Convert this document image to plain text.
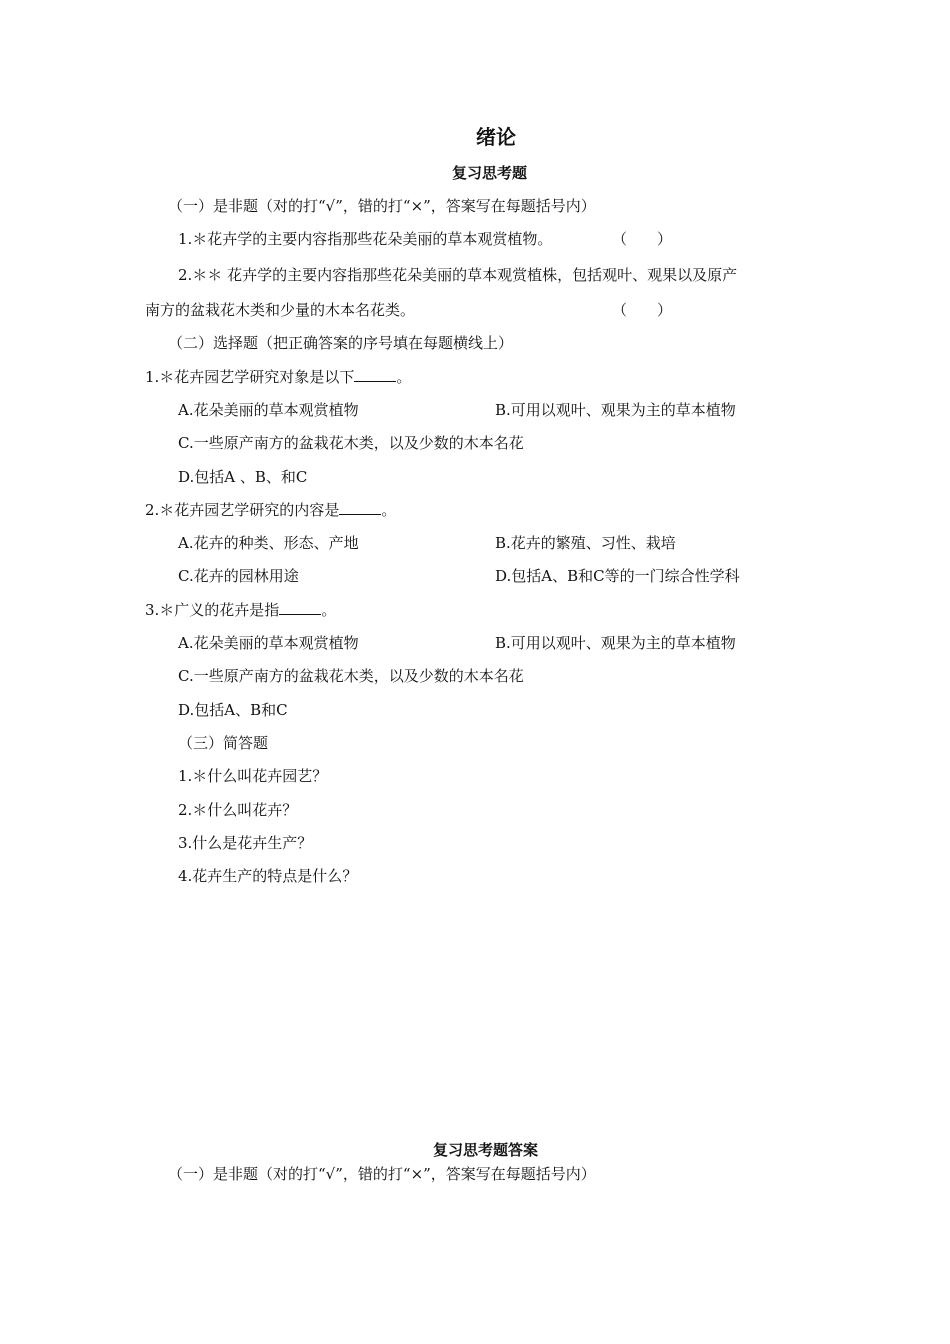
绪论
复习思考题
（一）是非题（对的打“√”，错的打“×”，答案写在每题括号内）
1.＊花卉学的主要内容指那些花朵美丽的草本观赏植物。	（　　）
2.＊＊ 花卉学的主要内容指那些花朵美丽的草本观赏植株，包括观叶、观果以及原产
南方的盆栽花木类和少量的木本名花类。	（　　）
（二）选择题（把正确答案的序号填在每题横线上）
1.＊花卉园艺学研究对象是以下	。
A.花朵美丽的草本观赏植物	B.可用以观叶、观果为主的草本植物
C.一些原产南方的盆栽花木类，以及少数的木本名花
D.包括A 、B、和C
2.＊花卉园艺学研究的内容是	。
A.花卉的种类、形态、产地	B.花卉的繁殖、习性、栽培
C.花卉的园林用途	D.包括A、B和C等的一门综合性学科
3.＊广义的花卉是指	。
A.花朵美丽的草本观赏植物	B.可用以观叶、观果为主的草本植物
C.一些原产南方的盆栽花木类，以及少数的木本名花
D.包括A、B和C
（三）简答题
1.＊什么叫花卉园艺？
2.＊什么叫花卉？
3.什么是花卉生产？
4.花卉生产的特点是什么？
复习思考题答案
（一）是非题（对的打“√”，错的打“×”，答案写在每题括号内）
